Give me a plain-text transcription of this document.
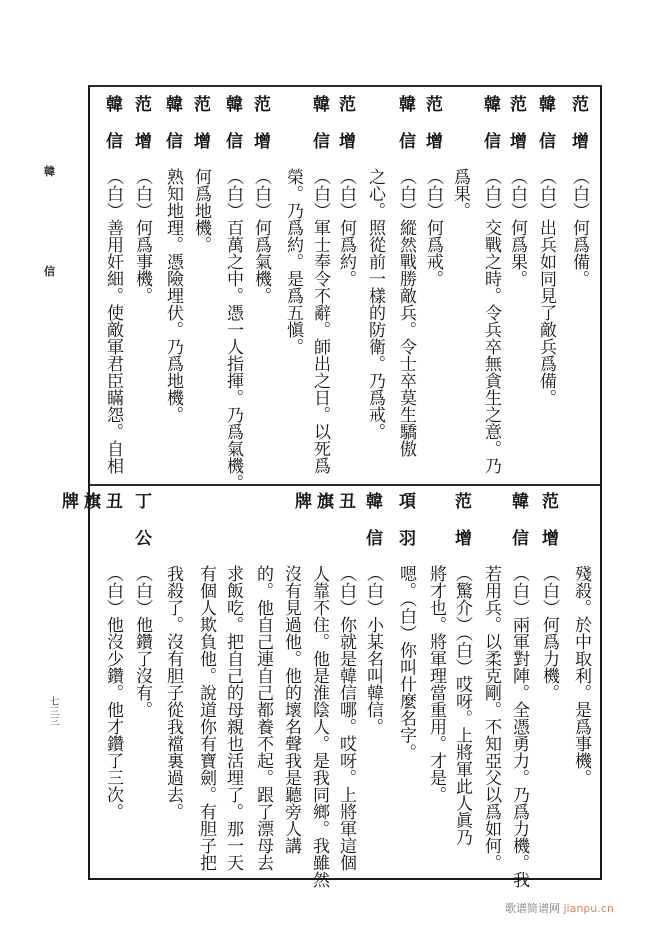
韓
信
七三三
范增
（白）何爲備。
韓信
（白）出兵如同見了敵兵爲備。
范增
（白）何爲果。
韓信
（白）交戰之時。令兵卒無貪生之意。乃
爲果。
范增
（白）何爲戒。
韓信
（白）縱然戰勝敵兵。令士卒莫生驕傲
之心。照從前一樣的防衛。乃爲戒。
范增
（白）何爲約。
韓信
（白）軍士奉令不辭。師出之日。以死爲
榮。乃爲約。是爲五愼。
范增
（白）何爲氣機。
韓信
（白）百萬之中。憑一人指揮。乃爲氣機。
范增
何爲地機。
韓信
熟知地理。憑險埋伏。乃爲地機。
范增
（白）何爲事機。
韓信
（白）善用奸細。使敵軍君臣瞞怨。自相
殘殺。於中取利。是爲事機。
范增
（白）何爲力機。
韓信
（白）兩軍對陣。全憑勇力。乃爲力機。我
若用兵。以柔克剛。不知亞父以爲如何。
范增
（驚介）（白）哎呀。上將軍此人眞乃
將才也。將軍理當重用。才是。
項羽
嗯。（白）你叫什麼名字。
韓信
（白）小某名叫韓信。
丑
旗
牌
（白）你就是韓信哪。哎呀。上將軍這個
人靠不住。他是淮陰人。是我同鄉。我雖然
沒有見過他。他的壞名聲我是聽旁人講
的。他自己連自己都養不起。跟了漂母去
求飯吃。把自己的母親也活埋了。那一天
有個人欺負他。說道你有寶劍。有胆子把
我殺了。沒有胆子從我襠裏過去。
丁公
（白）他鑽了沒有。
丑
旗
牌
（白）他沒少鑽。他才鑽了三次。
歌谱简谱网 jianpu.cn
